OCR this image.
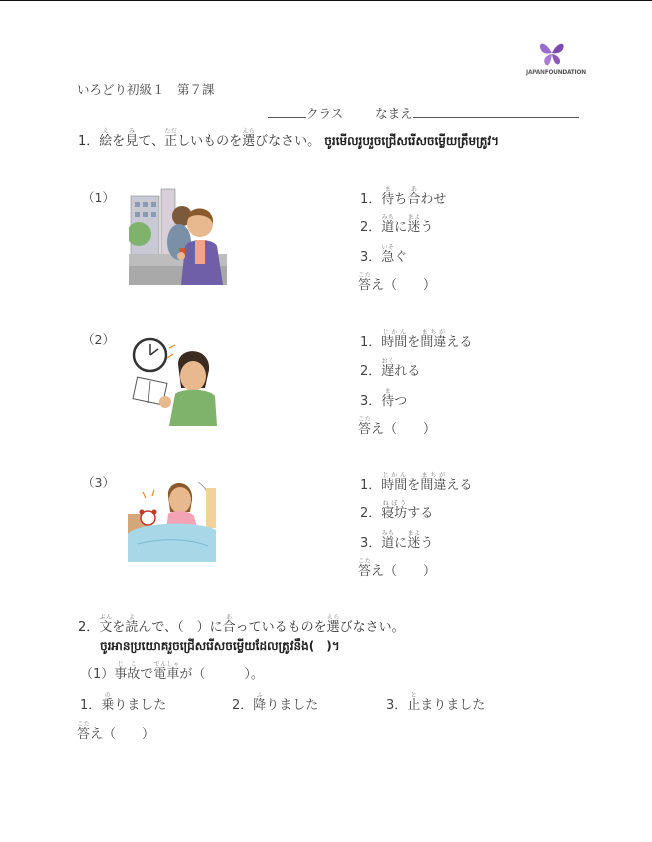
JAPANFOUNDATION
いろどり初級１　第７課
クラス	なまえ
1．絵えを見みて、正ただしいものを選えらびなさい。 ចូរមើលរូបរួចជ្រើសរើសចម្លើយត្រឹមត្រូវ។
（1）	1．待まち合あわせ
2．道みちに迷まよう
3．急いそぐ
答こたえ（　　）
（2）	1．時間じかんを間違まちがえる
2．遅おくれる
3．待まつ
答こたえ（　　）
（3）	1．時間じかんを間違まちがえる
2．寝坊ねぼうする
3．道みちに迷まよう
答こたえ（　　）
2．文ぶんを読よんで、（　）に合あっているものを選えらびなさい。
ចូរអានប្រយោគរួចជ្រើសរើសចម្លើយដែលត្រូវនឹង(　)។
（1）事故じこで電車でんしゃが（　　　）。
1．乗のりました	2．降ふりました	3．止とまりました
答こたえ（　　）
